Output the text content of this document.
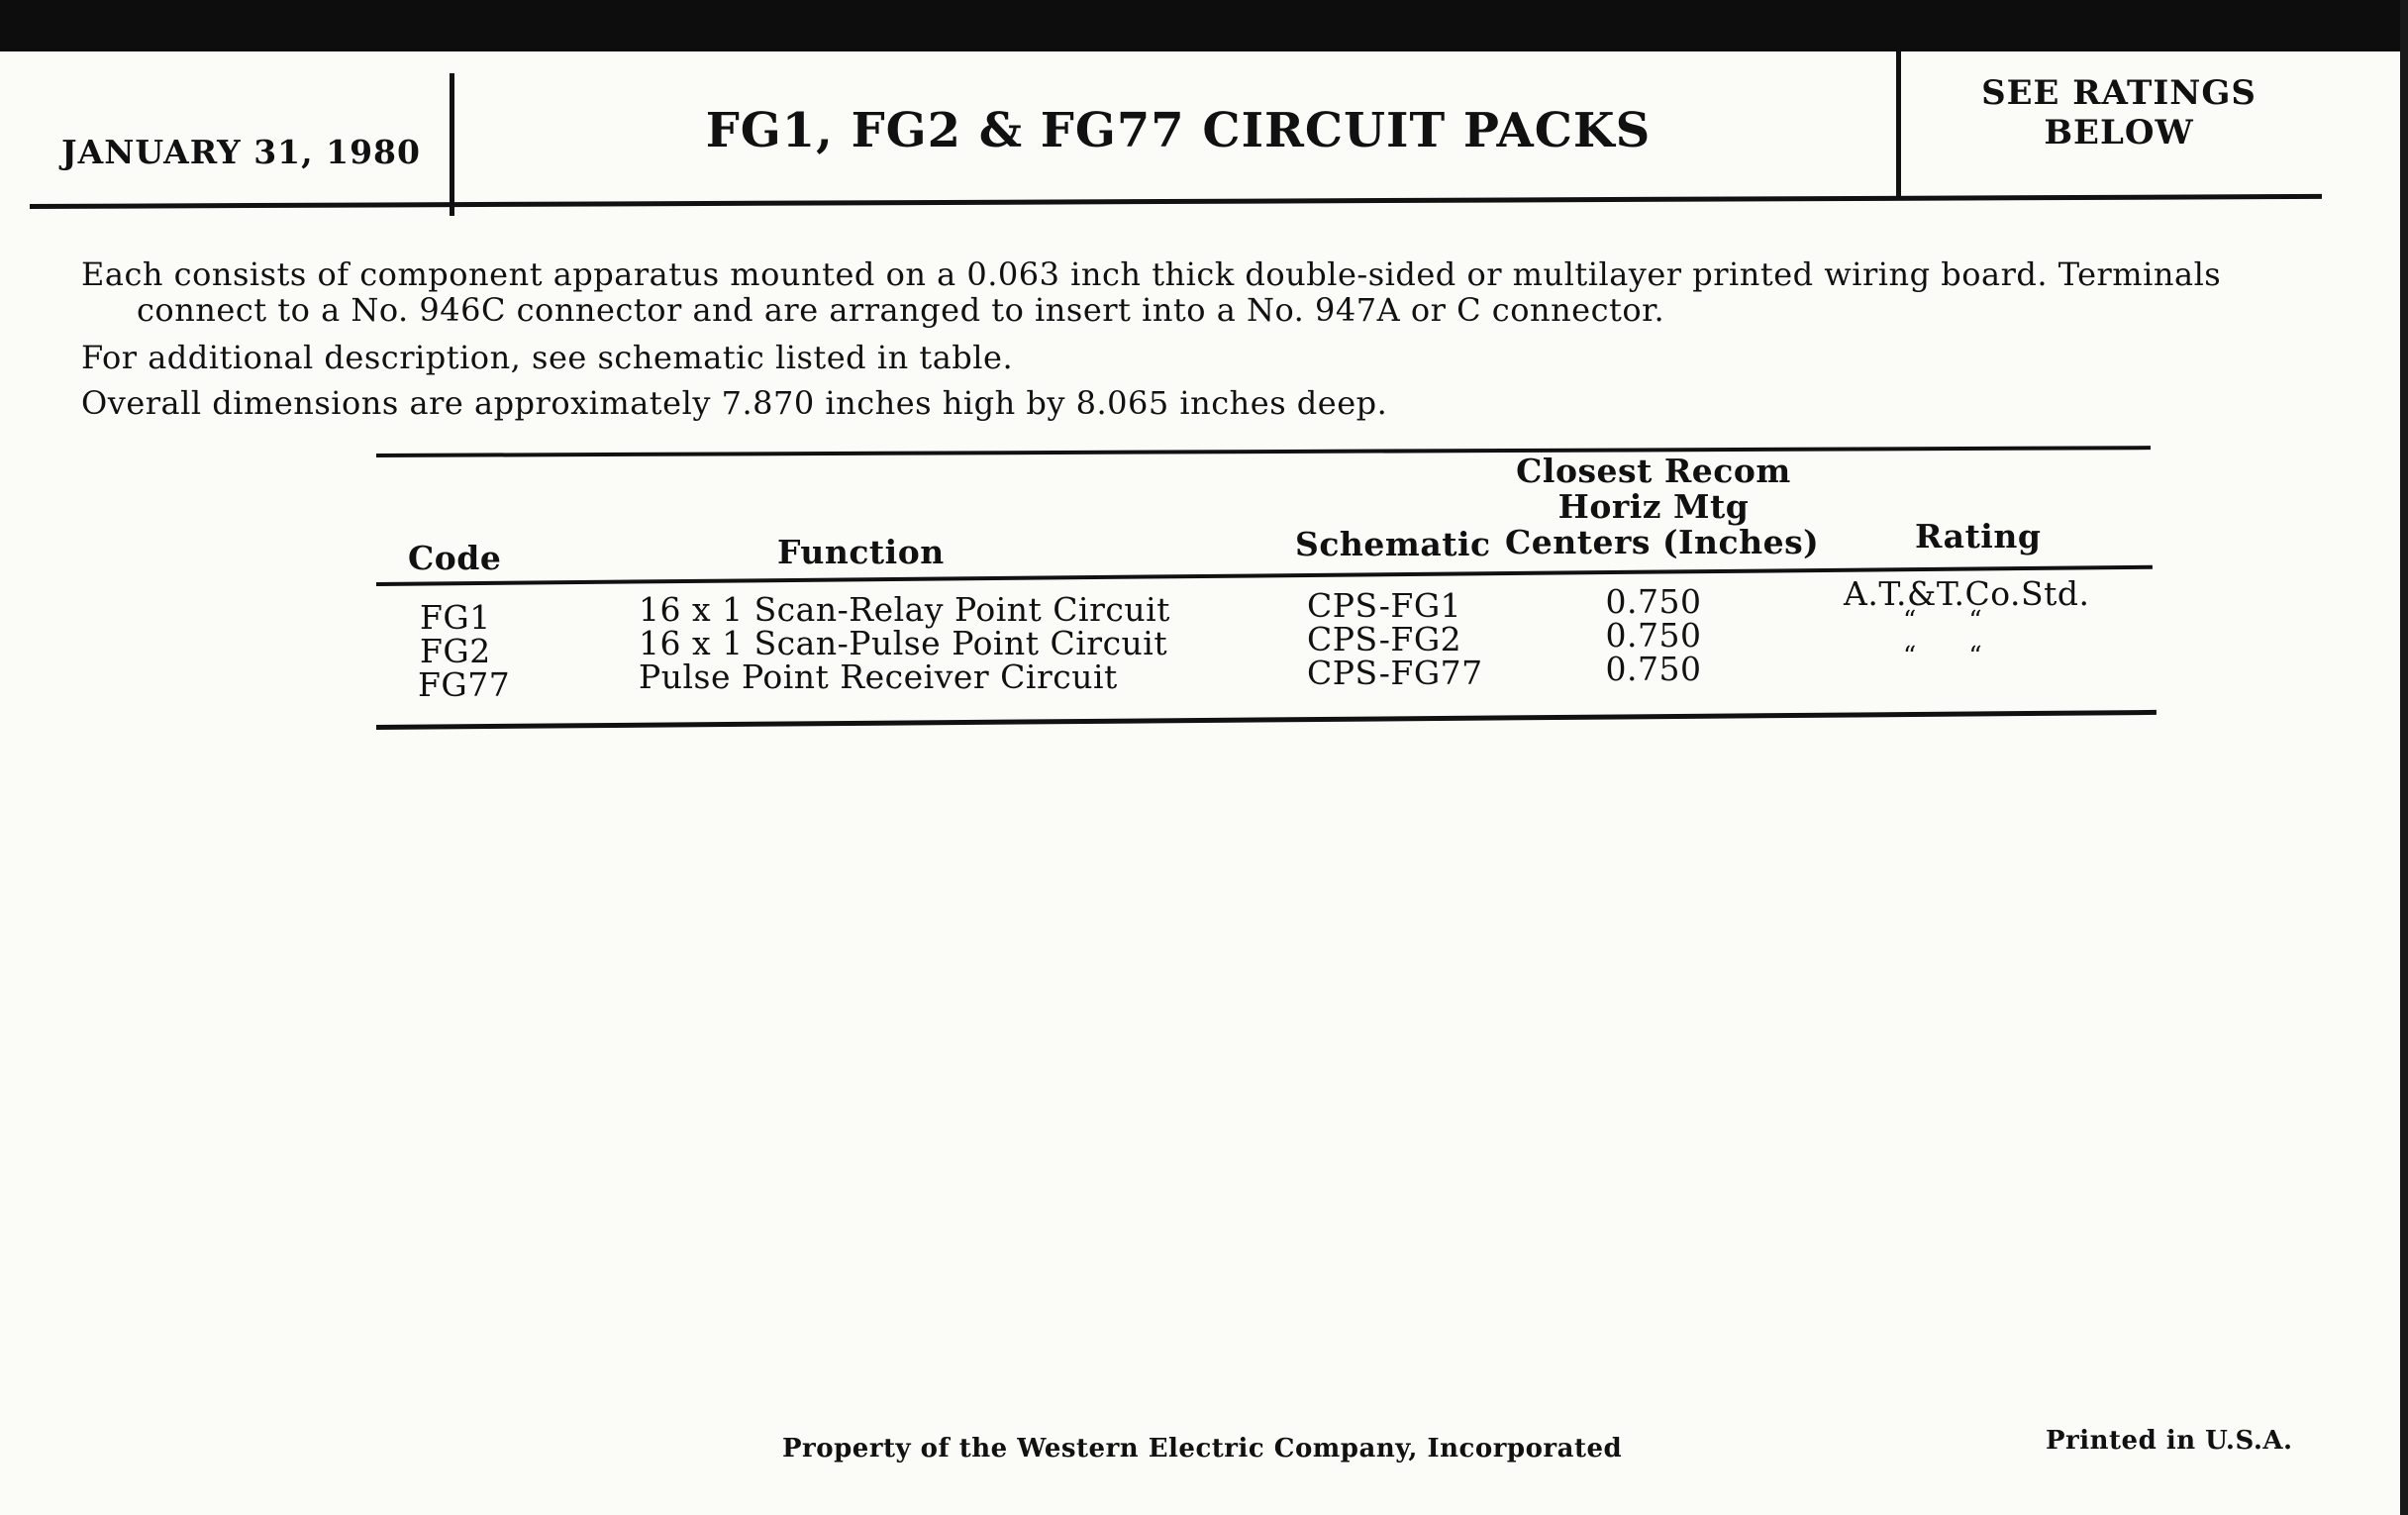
JANUARY 31, 1980	FG1, FG2 & FG77 CIRCUIT PACKS
SEE RATINGS
BELOW
Each consists of component apparatus mounted on a 0.063 inch thick double-sided or multilayer printed wiring board. Terminals
connect to a No. 946C connector and are arranged to insert into a No. 947A or C connector.
For additional description, see schematic listed in table.
Overall dimensions are approximately 7.870 inches high by 8.065 inches deep.
Code	Function	Schematic
Closest Recom
Horiz Mtg
Centers (Inches)	Rating
FG1	16 x 1 Scan-Relay Point Circuit	CPS-FG1	0.750	A.T.&T.Co.Std.
FG2	16 x 1 Scan-Pulse Point Circuit	CPS-FG2	0.750	“      “
FG77	Pulse Point Receiver Circuit	CPS-FG77	0.750	“      “
Property of the Western Electric Company, Incorporated	Printed in U.S.A.
